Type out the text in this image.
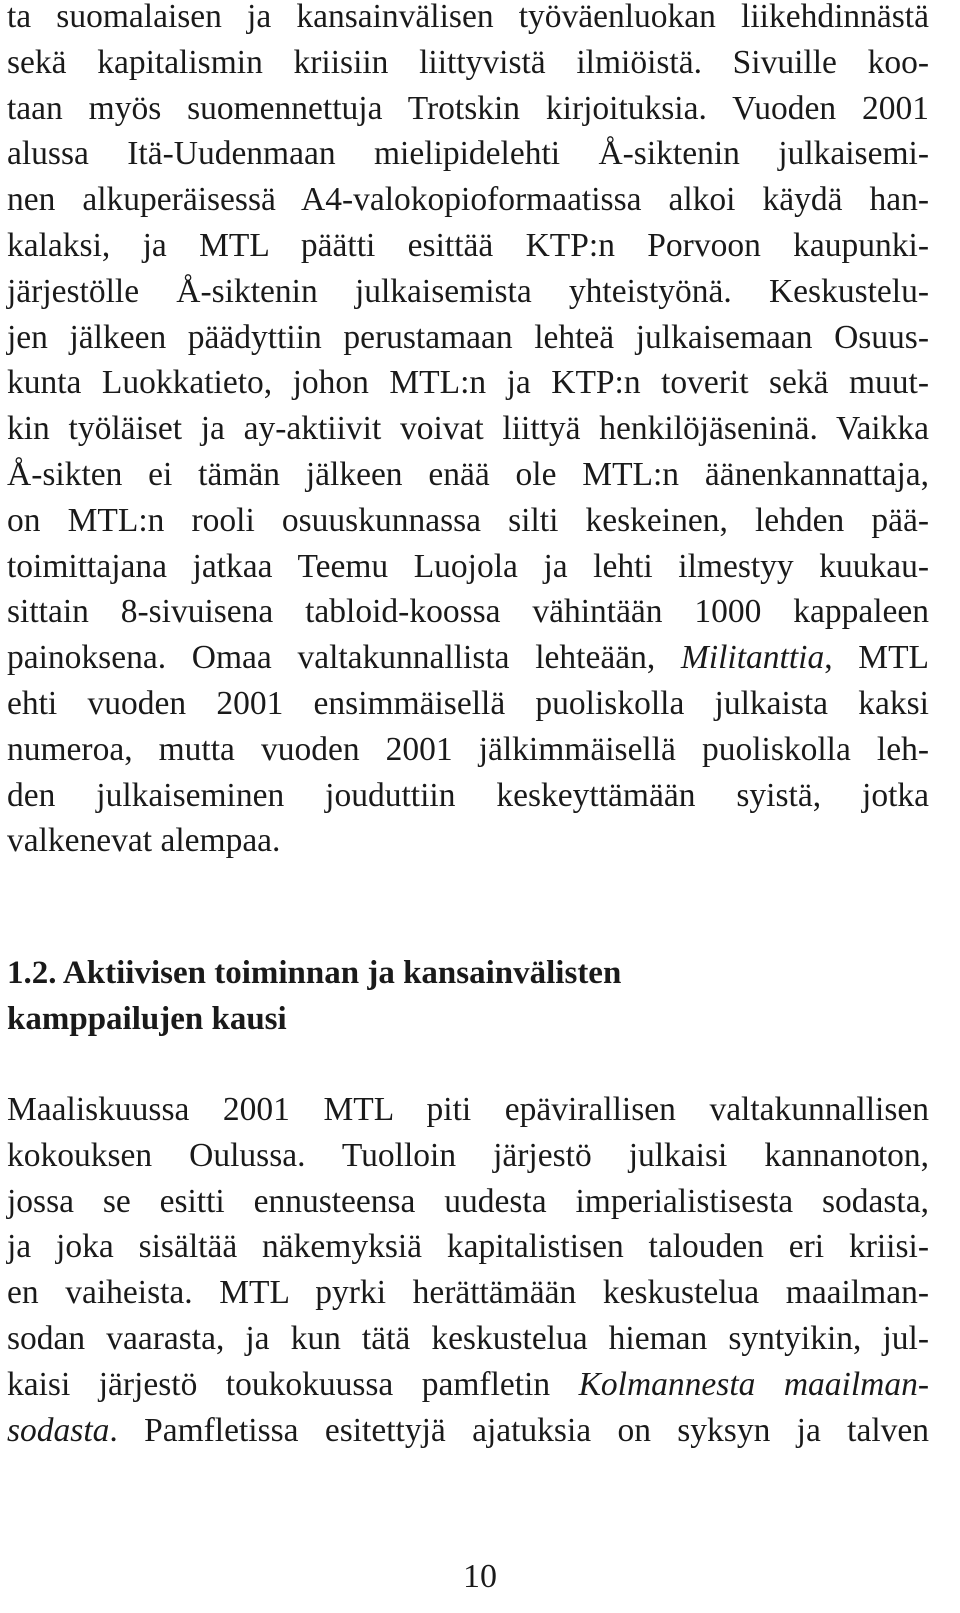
ta suomalaisen ja kansainvälisen työväenluokan liikehdinnästä
sekä kapitalismin kriisiin liittyvistä ilmiöistä. Sivuille koo-
taan myös suomennettuja Trotskin kirjoituksia. Vuoden 2001
alussa Itä-Uudenmaan mielipidelehti Å-siktenin julkaisemi-
nen alkuperäisessä A4-valokopioformaatissa alkoi käydä han-
kalaksi, ja MTL päätti esittää KTP:n Porvoon kaupunki-
järjestölle Å-siktenin julkaisemista yhteistyönä. Keskustelu-
jen jälkeen päädyttiin perustamaan lehteä julkaisemaan Osuus-
kunta Luokkatieto, johon MTL:n ja KTP:n toverit sekä muut-
kin työläiset ja ay-aktiivit voivat liittyä henkilöjäseninä. Vaikka
Å-sikten ei tämän jälkeen enää ole MTL:n äänenkannattaja,
on MTL:n rooli osuuskunnassa silti keskeinen, lehden pää-
toimittajana jatkaa Teemu Luojola ja lehti ilmestyy kuukau-
sittain 8-sivuisena tabloid-koossa vähintään 1000 kappaleen
painoksena. Omaa valtakunnallista lehteään, Militanttia, MTL
ehti vuoden 2001 ensimmäisellä puoliskolla julkaista kaksi
numeroa, mutta vuoden 2001 jälkimmäisellä puoliskolla leh-
den julkaiseminen jouduttiin keskeyttämään syistä, jotka
valkenevat alempaa.

1.2. Aktiivisen toiminnan ja kansainvälisten
kamppailujen kausi

Maaliskuussa 2001 MTL piti epävirallisen valtakunnallisen
kokouksen Oulussa. Tuolloin järjestö julkaisi kannanoton,
jossa se esitti ennusteensa uudesta imperialistisesta sodasta,
ja joka sisältää näkemyksiä kapitalistisen talouden eri kriisi-
en vaiheista. MTL pyrki herättämään keskustelua maailman-
sodan vaarasta, ja kun tätä keskustelua hieman syntyikin, jul-
kaisi järjestö toukokuussa pamfletin Kolmannesta maailman-
sodasta. Pamfletissa esitettyjä ajatuksia on syksyn ja talven

10
